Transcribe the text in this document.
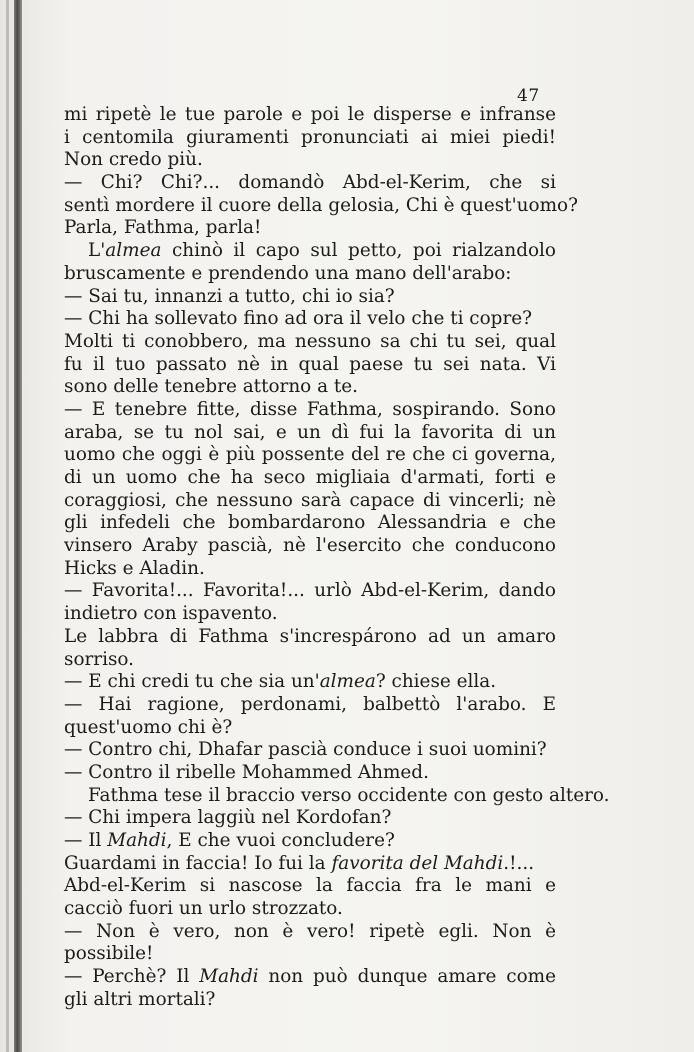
47
mi ripetè le tue parole e poi le disperse e infranse
i centomila giuramenti pronunciati ai miei piedi!
Non credo più.
— Chi? Chi?... domandò Abd-el-Kerim, che si
sentì mordere il cuore della gelosia, Chi è quest'uomo?
Parla, Fathma, parla!
L'almea chinò il capo sul petto, poi rialzandolo
bruscamente e prendendo una mano dell'arabo:
— Sai tu, innanzi a tutto, chi io sia?
— Chi ha sollevato fino ad ora il velo che ti copre?
Molti ti conobbero, ma nessuno sa chi tu sei, qual
fu il tuo passato nè in qual paese tu sei nata. Vi
sono delle tenebre attorno a te.
— E tenebre fitte, disse Fathma, sospirando. Sono
araba, se tu nol sai, e un dì fui la favorita di un
uomo che oggi è più possente del re che ci governa,
di un uomo che ha seco migliaia d'armati, forti e
coraggiosi, che nessuno sarà capace di vincerli; nè
gli infedeli che bombardarono Alessandria e che
vinsero Araby pascià, nè l'esercito che conducono
Hicks e Aladin.
— Favorita!... Favorita!... urlò Abd-el-Kerim, dando
indietro con ispavento.
Le labbra di Fathma s'increspárono ad un amaro
sorriso.
— E chi credi tu che sia un'almea? chiese ella.
— Hai ragione, perdonami, balbettò l'arabo. E
quest'uomo chi è?
— Contro chi, Dhafar pascià conduce i suoi uomini?
— Contro il ribelle Mohammed Ahmed.
Fathma tese il braccio verso occidente con gesto altero.
— Chi impera laggiù nel Kordofan?
— Il Mahdi, E che vuoi concludere?
Guardami in faccia! Io fui la favorita del Mahdi.!...
Abd-el-Kerim si nascose la faccia fra le mani e
cacciò fuori un urlo strozzato.
— Non è vero, non è vero! ripetè egli. Non è
possibile!
— Perchè? Il Mahdi non può dunque amare come
gli altri mortali?
